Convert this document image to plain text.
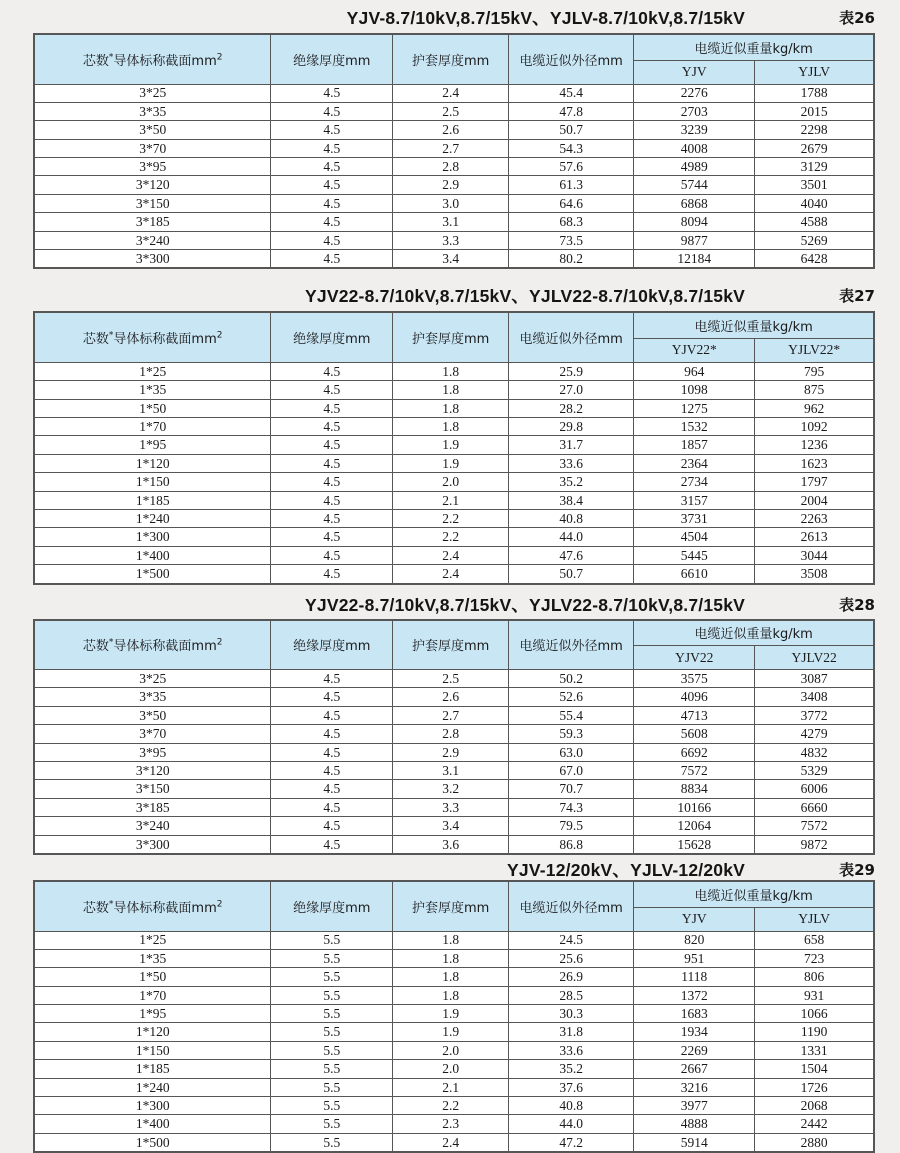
YJV-8.7/10kV,8.7/15kV、YJLV-8.7/10kV,8.7/15kV	表26
芯数*导体标称截面$mm^2$	绝缘厚度mm	护套厚度mm	电缆近似外径mm	电缆近似重量kg/km	
				YJV	YJLV
3*25	4.5	2.4	45.4	2276	1788
3*35	4.5	2.5	47.8	2703	2015
3*50	4.5	2.6	50.7	3239	2298
3*70	4.5	2.7	54.3	4008	2679
3*95	4.5	2.8	57.6	4989	3129
3*120	4.5	2.9	61.3	5744	3501
3*150	4.5	3.0	64.6	6868	4040
3*185	4.5	3.1	68.3	8094	4588
3*240	4.5	3.3	73.5	9877	5269
3*300	4.5	3.4	80.2	12184	6428
YJV22-8.7/10kV,8.7/15kV、YJLV22-8.7/10kV,8.7/15kV	表27
芯数*导体标称截面$mm^2$	绝缘厚度mm	护套厚度mm	电缆近似外径mm	电缆近似重量kg/km	
				YJV22*	YJLV22*
1*25	4.5	1.8	25.9	964	795
1*35	4.5	1.8	27.0	1098	875
1*50	4.5	1.8	28.2	1275	962
1*70	4.5	1.8	29.8	1532	1092
1*95	4.5	1.9	31.7	1857	1236
1*120	4.5	1.9	33.6	2364	1623
1*150	4.5	2.0	35.2	2734	1797
1*185	4.5	2.1	38.4	3157	2004
1*240	4.5	2.2	40.8	3731	2263
1*300	4.5	2.2	44.0	4504	2613
1*400	4.5	2.4	47.6	5445	3044
1*500	4.5	2.4	50.7	6610	3508
YJV22-8.7/10kV,8.7/15kV、YJLV22-8.7/10kV,8.7/15kV	表28
芯数*导体标称截面$mm^2$	绝缘厚度mm	护套厚度mm	电缆近似外径mm	电缆近似重量kg/km	
				YJV22	YJLV22
3*25	4.5	2.5	50.2	3575	3087
3*35	4.5	2.6	52.6	4096	3408
3*50	4.5	2.7	55.4	4713	3772
3*70	4.5	2.8	59.3	5608	4279
3*95	4.5	2.9	63.0	6692	4832
3*120	4.5	3.1	67.0	7572	5329
3*150	4.5	3.2	70.7	8834	6006
3*185	4.5	3.3	74.3	10166	6660
3*240	4.5	3.4	79.5	12064	7572
3*300	4.5	3.6	86.8	15628	9872
YJV-12/20kV、YJLV-12/20kV	表29
芯数*导体标称截面$mm^2$	绝缘厚度mm	护套厚度mm	电缆近似外径mm	电缆近似重量kg/km	
				YJV	YJLV
1*25	5.5	1.8	24.5	820	658
1*35	5.5	1.8	25.6	951	723
1*50	5.5	1.8	26.9	1118	806
1*70	5.5	1.8	28.5	1372	931
1*95	5.5	1.9	30.3	1683	1066
1*120	5.5	1.9	31.8	1934	1190
1*150	5.5	2.0	33.6	2269	1331
1*185	5.5	2.0	35.2	2667	1504
1*240	5.5	2.1	37.6	3216	1726
1*300	5.5	2.2	40.8	3977	2068
1*400	5.5	2.3	44.0	4888	2442
1*500	5.5	2.4	47.2	5914	2880
